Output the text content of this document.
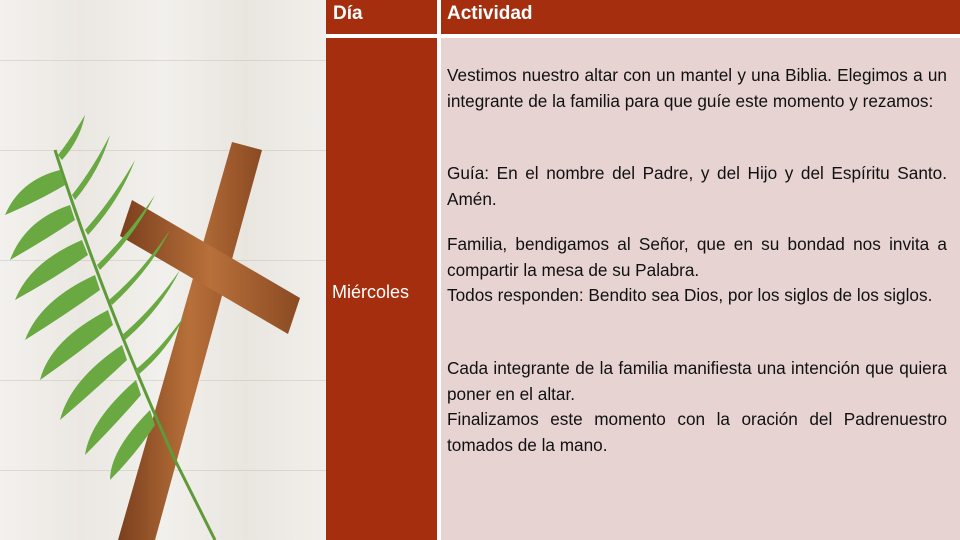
Día	Actividad
Miércoles
Vestimos nuestro altar con un mantel y una Biblia. Elegimos a un integrante de la familia para que guíe este momento y rezamos:
Guía: En el nombre del Padre, y del Hijo y del Espíritu Santo. Amén.
Familia, bendigamos al Señor, que en su bondad nos invita a compartir la mesa de su Palabra.
Todos responden: Bendito sea Dios, por los siglos de los siglos.
Cada integrante de la familia manifiesta una intención que quiera poner en el altar.
Finalizamos este momento con la oración del Padrenuestro tomados de la mano.
